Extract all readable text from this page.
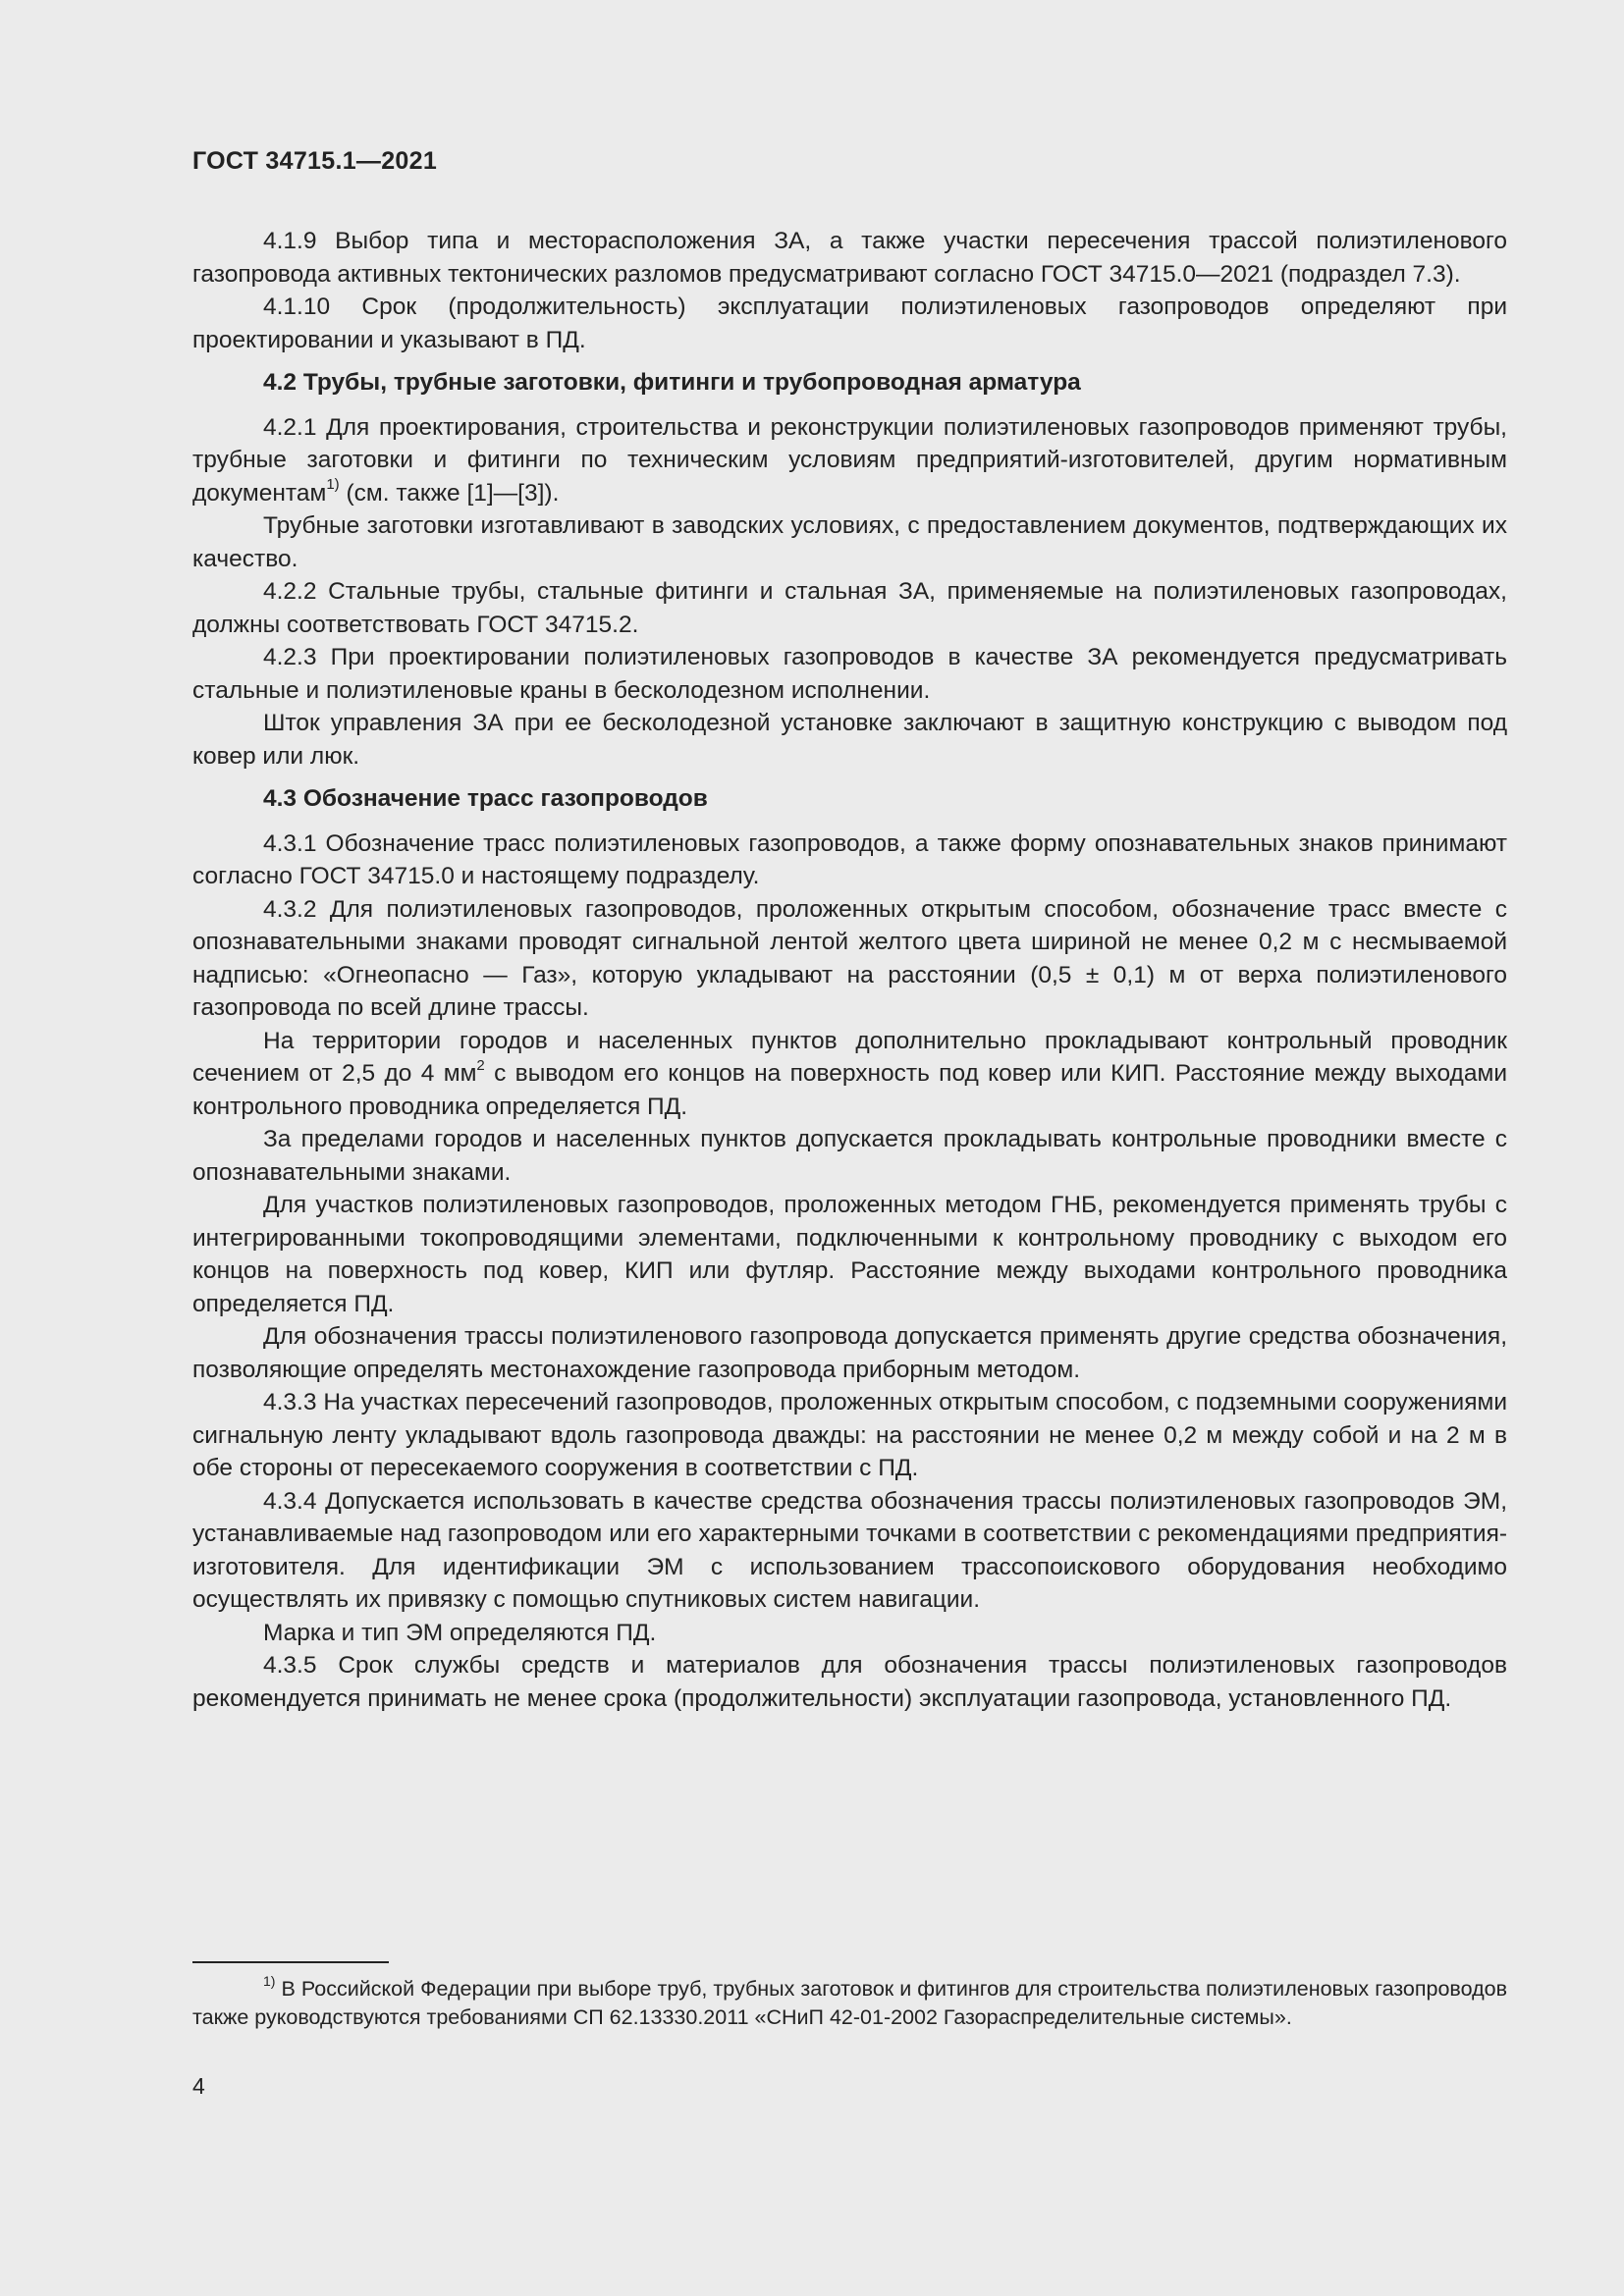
ГОСТ 34715.1—2021

4.1.9 Выбор типа и месторасположения ЗА, а также участки пересечения трассой полиэтиленового газопровода активных тектонических разломов предусматривают согласно ГОСТ 34715.0—2021 (подраздел 7.3).

4.1.10 Срок (продолжительность) эксплуатации полиэтиленовых газопроводов определяют при проектировании и указывают в ПД.

4.2 Трубы, трубные заготовки, фитинги и трубопроводная арматура

4.2.1 Для проектирования, строительства и реконструкции полиэтиленовых газопроводов применяют трубы, трубные заготовки и фитинги по техническим условиям предприятий-изготовителей, другим нормативным документам$^{1)}$ (см. также [1]—[3]).

Трубные заготовки изготавливают в заводских условиях, с предоставлением документов, подтверждающих их качество.

4.2.2 Стальные трубы, стальные фитинги и стальная ЗА, применяемые на полиэтиленовых газопроводах, должны соответствовать ГОСТ 34715.2.

4.2.3 При проектировании полиэтиленовых газопроводов в качестве ЗА рекомендуется предусматривать стальные и полиэтиленовые краны в бесколодезном исполнении.

Шток управления ЗА при ее бесколодезной установке заключают в защитную конструкцию с выводом под ковер или люк.

4.3 Обозначение трасс газопроводов

4.3.1 Обозначение трасс полиэтиленовых газопроводов, а также форму опознавательных знаков принимают согласно ГОСТ 34715.0 и настоящему подразделу.

4.3.2 Для полиэтиленовых газопроводов, проложенных открытым способом, обозначение трасс вместе с опознавательными знаками проводят сигнальной лентой желтого цвета шириной не менее 0,2 м с несмываемой надписью: «Огнеопасно — Газ», которую укладывают на расстоянии (0,5 ± 0,1) м от верха полиэтиленового газопровода по всей длине трассы.

На территории городов и населенных пунктов дополнительно прокладывают контрольный проводник сечением от 2,5 до 4 $мм^2$ с выводом его концов на поверхность под ковер или КИП. Расстояние между выходами контрольного проводника определяется ПД.

За пределами городов и населенных пунктов допускается прокладывать контрольные проводники вместе с опознавательными знаками.

Для участков полиэтиленовых газопроводов, проложенных методом ГНБ, рекомендуется применять трубы с интегрированными токопроводящими элементами, подключенными к контрольному проводнику с выходом его концов на поверхность под ковер, КИП или футляр. Расстояние между выходами контрольного проводника определяется ПД.

Для обозначения трассы полиэтиленового газопровода допускается применять другие средства обозначения, позволяющие определять местонахождение газопровода приборным методом.

4.3.3 На участках пересечений газопроводов, проложенных открытым способом, с подземными сооружениями сигнальную ленту укладывают вдоль газопровода дважды: на расстоянии не менее 0,2 м между собой и на 2 м в обе стороны от пересекаемого сооружения в соответствии с ПД.

4.3.4 Допускается использовать в качестве средства обозначения трассы полиэтиленовых газопроводов ЭМ, устанавливаемые над газопроводом или его характерными точками в соответствии с рекомендациями предприятия-изготовителя. Для идентификации ЭМ с использованием трассопоискового оборудования необходимо осуществлять их привязку с помощью спутниковых систем навигации.

Марка и тип ЭМ определяются ПД.

4.3.5 Срок службы средств и материалов для обозначения трассы полиэтиленовых газопроводов рекомендуется принимать не менее срока (продолжительности) эксплуатации газопровода, установленного ПД.

$^{1)}$ В Российской Федерации при выборе труб, трубных заготовок и фитингов для строительства полиэтиленовых газопроводов также руководствуются требованиями СП 62.13330.2011 «СНиП 42-01-2002 Газораспределительные системы».

4
